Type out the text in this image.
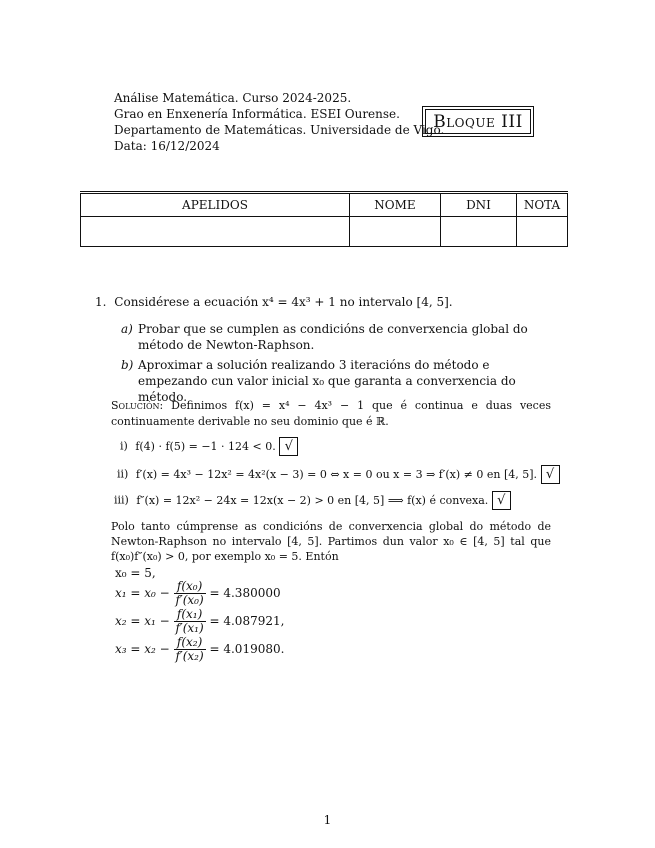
Análise Matemática. Curso 2024-2025.
Grao en Enxenería Informática. ESEI Ourense.
Departamento de Matemáticas. Universidade de Vigo.
Data: 16/12/2024
Bloque III
APELIDOS	NOME	DNI	NOTA

1. Considérese a ecuación x⁴ = 4x³ + 1 no intervalo [4, 5].
a) Probar que se cumplen as condicións de converxencia global do método de Newton-Raphson.
b) Aproximar a solución realizando 3 iteracións do método e empezando cun valor inicial x₀ que garanta a converxencia do método.
Solución: Definimos f(x) = x⁴ − 4x³ − 1 que é continua e duas veces continuamente derivable no seu dominio que é ℝ.
i) f(4) · f(5) = −1 · 124 < 0. √
ii) f′(x) = 4x³ − 12x² = 4x²(x − 3) = 0 ⇔ x = 0 ou x = 3 ⇒ f′(x) ≠ 0 en [4, 5]. √
iii) f″(x) = 12x² − 24x = 12x(x − 2) > 0 en [4, 5] ⟹ f(x) é convexa. √
Polo tanto cúmprense as condicións de converxencia global do método de Newton-Raphson no intervalo [4, 5]. Partimos dun valor x₀ ∈ [4, 5] tal que f(x₀)f″(x₀) > 0, por exemplo x₀ = 5. Entón
x₀ = 5,
$x_1 = x_0 - \frac{\text{f(x₀)}}{\text{f′(x₀)}} = 4.380000$
$x_2 = x_1 - \frac{\text{f(x₁)}}{\text{f′(x₁)}} = 4.087921$,
$x_3 = x_2 - \frac{\text{f(x₂)}}{\text{f′(x₂)}} = 4.019080$.
1
